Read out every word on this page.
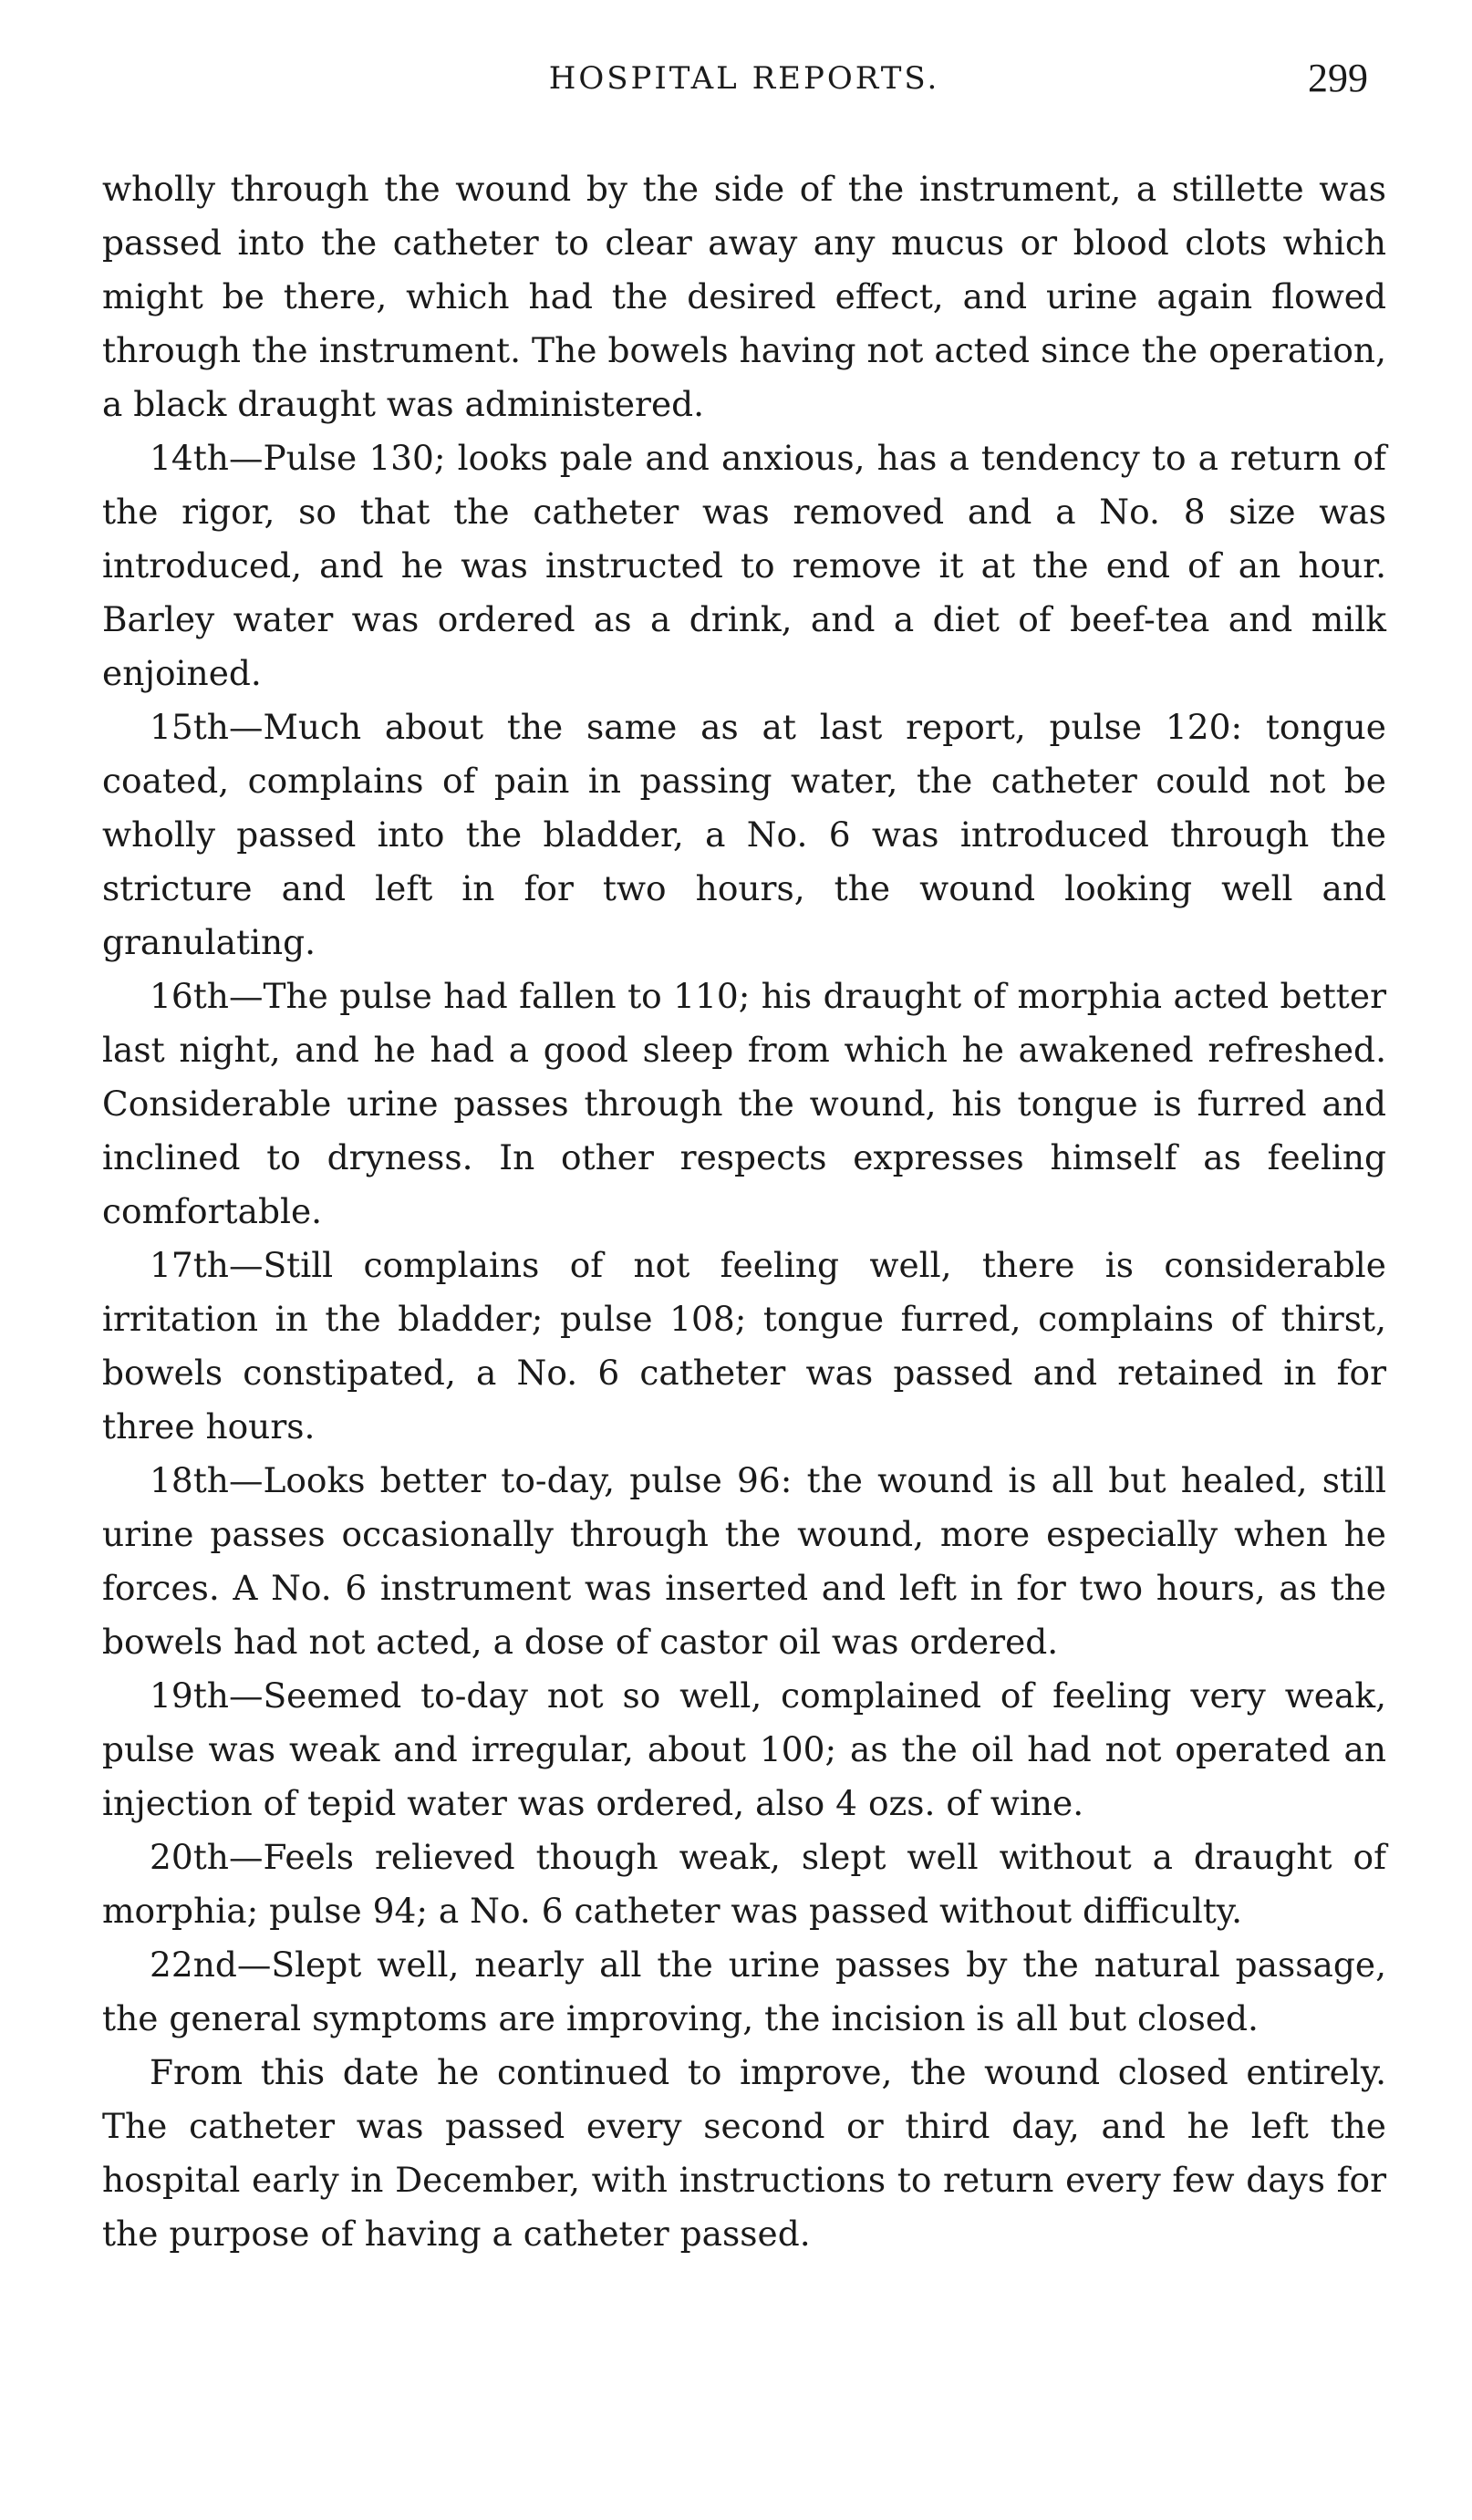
HOSPITAL REPORTS.	299

wholly through the wound by the side of the instrument, a stillette was passed into the catheter to clear away any mucus or blood clots which might be there, which had the desired effect, and urine again flowed through the instrument. The bowels having not acted since the operation, a black draught was administered.

14th—Pulse 130; looks pale and anxious, has a tendency to a return of the rigor, so that the catheter was removed and a No. 8 size was introduced, and he was instructed to remove it at the end of an hour. Barley water was ordered as a drink, and a diet of beef-tea and milk enjoined.

15th—Much about the same as at last report, pulse 120: tongue coated, complains of pain in passing water, the catheter could not be wholly passed into the bladder, a No. 6 was introduced through the stricture and left in for two hours, the wound looking well and granulating.

16th—The pulse had fallen to 110; his draught of morphia acted better last night, and he had a good sleep from which he awakened refreshed. Considerable urine passes through the wound, his tongue is furred and inclined to dryness. In other respects expresses himself as feeling comfortable.

17th—Still complains of not feeling well, there is considerable irritation in the bladder; pulse 108; tongue furred, complains of thirst, bowels constipated, a No. 6 catheter was passed and retained in for three hours.

18th—Looks better to-day, pulse 96: the wound is all but healed, still urine passes occasionally through the wound, more especially when he forces. A No. 6 instrument was inserted and left in for two hours, as the bowels had not acted, a dose of castor oil was ordered.

19th—Seemed to-day not so well, complained of feeling very weak, pulse was weak and irregular, about 100; as the oil had not operated an injection of tepid water was ordered, also 4 ozs. of wine.

20th—Feels relieved though weak, slept well without a draught of morphia; pulse 94; a No. 6 catheter was passed without difficulty.

22nd—Slept well, nearly all the urine passes by the natural passage, the general symptoms are improving, the incision is all but closed.

From this date he continued to improve, the wound closed entirely. The catheter was passed every second or third day, and he left the hospital early in December, with instructions to return every few days for the purpose of having a catheter passed.
